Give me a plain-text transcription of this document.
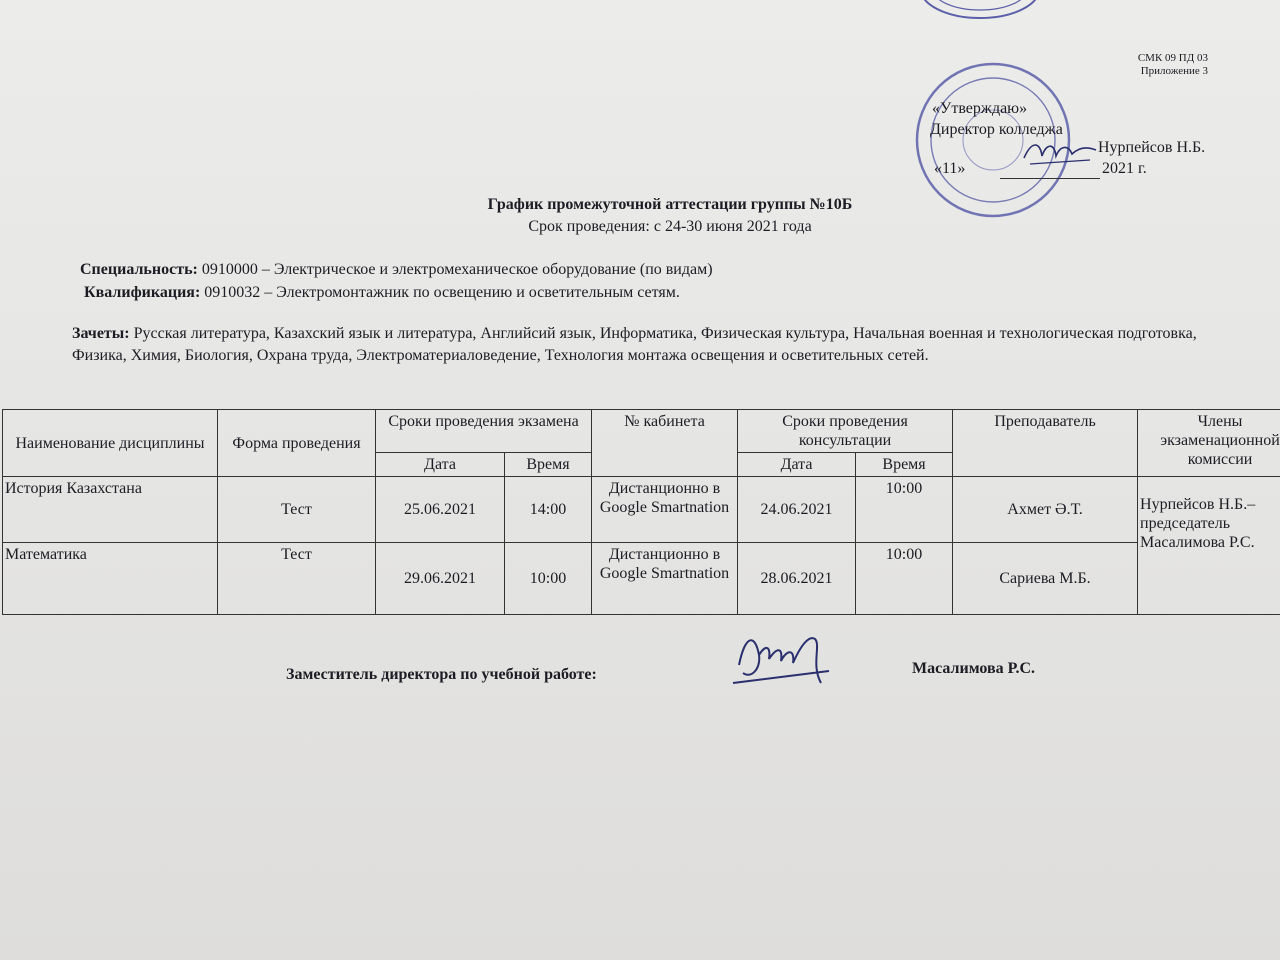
СМК 09 ПД 03
Приложение 3
«Утверждаю»
Директор колледжа
Нурпейсов Н.Б.
«11»	2021 г.
График промежуточной аттестации группы №10Б
Срок проведения: с 24-30 июня 2021 года
Специальность: 0910000 – Электрическое и электромеханическое оборудование (по видам)
Квалификация: 0910032 – Электромонтажник по освещению и осветительным сетям.
Зачеты: Русская литература, Казахский язык и литература, Английсий язык, Информатика, Физическая культура, Начальная военная и технологическая подготовка, Физика, Химия, Биология, Охрана труда, Электроматериаловедение, Технология монтажа освещения и осветительных сетей.
Наименование дисциплины	Форма проведения	Сроки проведения экзамена		№ кабинета	Сроки проведения консультации		Преподаватель	Члены экзаменационной комиссии
		Дата	Время		Дата	Время		
История Казахстана	Тест	25.06.2021	14:00	Дистанционно в Google Smartnation	24.06.2021	10:00	Ахмет Ә.Т.	Нурпейсов Н.Б.– председатель Масалимова Р.С.
Математика	Тест	29.06.2021	10:00	Дистанционно в Google Smartnation	28.06.2021	10:00	Сариева М.Б.	
Заместитель директора по учебной работе:	Масалимова Р.С.
